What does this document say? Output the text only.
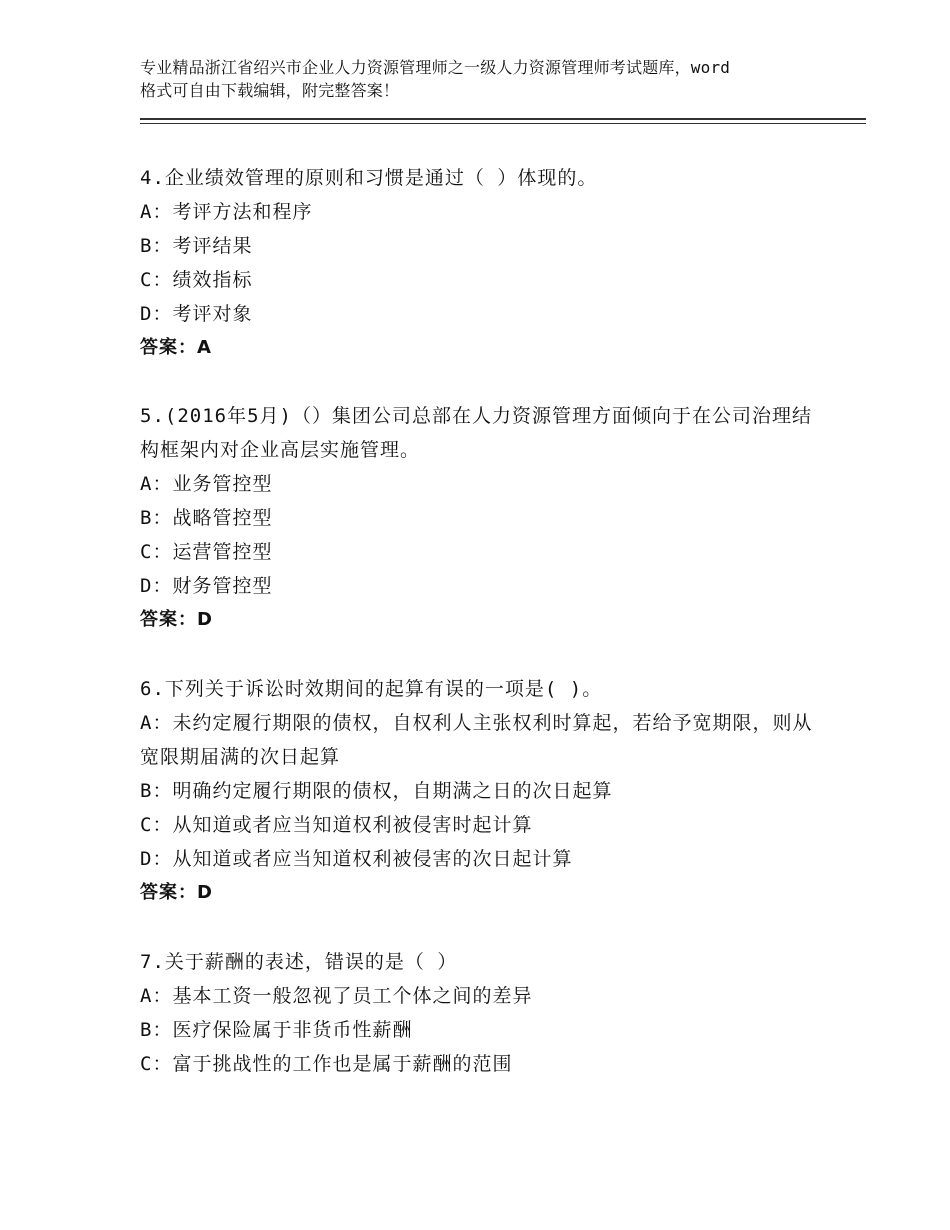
专业精品浙江省绍兴市企业人力资源管理师之一级人力资源管理师考试题库，word
格式可自由下载编辑，附完整答案！
4.企业绩效管理的原则和习惯是通过（ ）体现的。
A：考评方法和程序
B：考评结果
C：绩效指标
D：考评对象
答案：A
5.(2016年5月)（）集团公司总部在人力资源管理方面倾向于在公司治理结构框架内对企业高层实施管理。
A：业务管控型
B：战略管控型
C：运营管控型
D：财务管控型
答案：D
6.下列关于诉讼时效期间的起算有误的一项是( )。
A：未约定履行期限的债权，自权利人主张权利时算起，若给予宽期限，则从宽限期届满的次日起算
B：明确约定履行期限的债权，自期满之日的次日起算
C：从知道或者应当知道权利被侵害时起计算
D：从知道或者应当知道权利被侵害的次日起计算
答案：D
7.关于薪酬的表述，错误的是（ ）
A：基本工资一般忽视了员工个体之间的差异
B：医疗保险属于非货币性薪酬
C：富于挑战性的工作也是属于薪酬的范围
